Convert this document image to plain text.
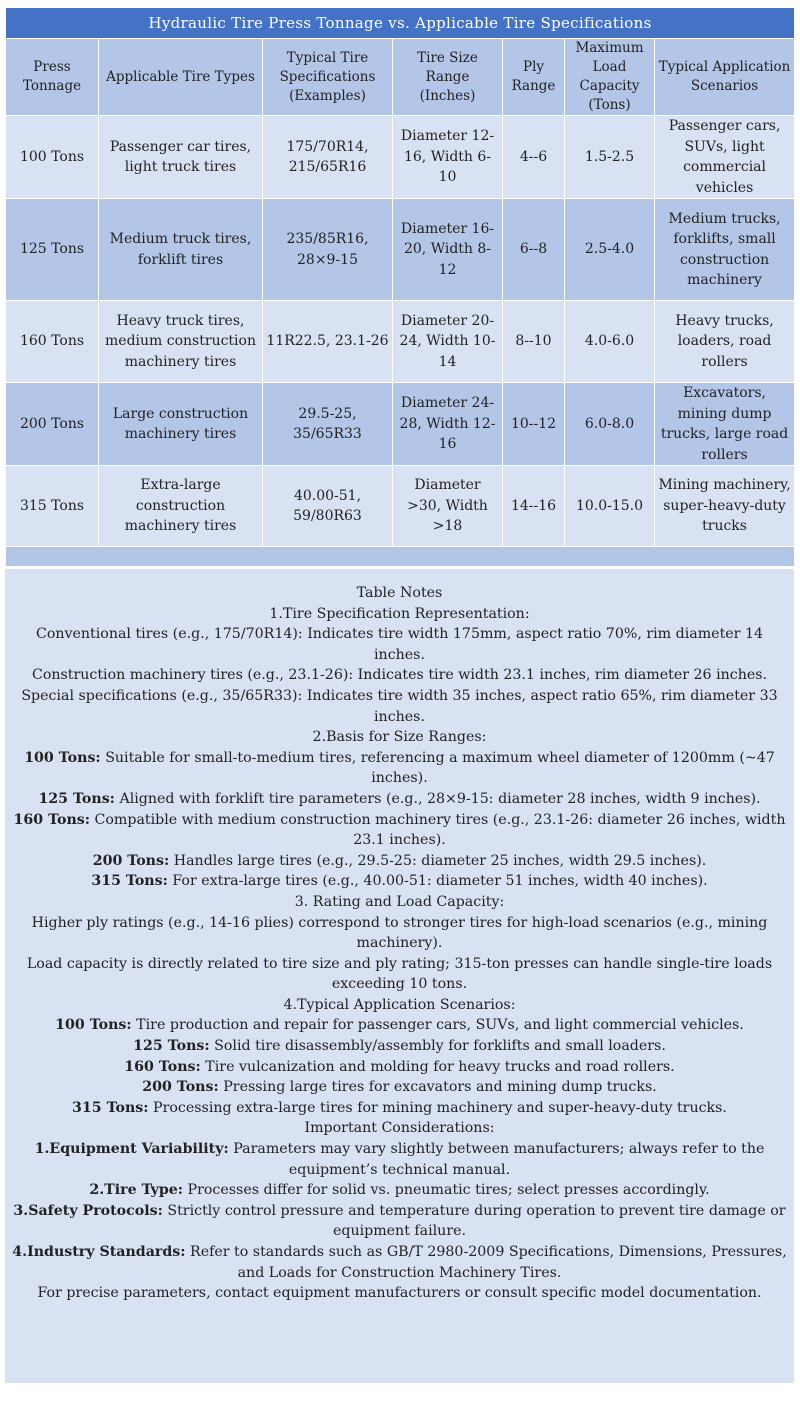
Hydraulic Tire Press Tonnage vs. Applicable Tire Specifications						
Press Tonnage	Applicable Tire Types	Typical Tire Specifications (Examples)	Tire Size Range (Inches)	Ply Range	Maximum Load Capacity (Tons)	Typical Application Scenarios
100 Tons	Passenger car tires, light truck tires	175/70R14, 215/65R16	Diameter 12-16, Width 6-10	4--6	1.5-2.5	Passenger cars, SUVs, light commercial vehicles
125 Tons	Medium truck tires, forklift tires	235/85R16, 28×9-15	Diameter 16-20, Width 8-12	6--8	2.5-4.0	Medium trucks, forklifts, small construction machinery
160 Tons	Heavy truck tires, medium construction machinery tires	11R22.5, 23.1-26	Diameter 20-24, Width 10-14	8--10	4.0-6.0	Heavy trucks, loaders, road rollers
200 Tons	Large construction machinery tires	29.5-25, 35/65R33	Diameter 24-28, Width 12-16	10--12	6.0-8.0	Excavators, mining dump trucks, large road rollers
315 Tons	Extra-large construction machinery tires	40.00-51, 59/80R63	Diameter >30, Width >18	14--16	10.0-15.0	Mining machinery, super-heavy-duty trucks

Table Notes

1.Tire Specification Representation:

Conventional tires (e.g., 175/70R14): Indicates tire width 175mm, aspect ratio 70%, rim diameter 14 inches.

Construction machinery tires (e.g., 23.1-26): Indicates tire width 23.1 inches, rim diameter 26 inches.

Special specifications (e.g., 35/65R33): Indicates tire width 35 inches, aspect ratio 65%, rim diameter 33 inches.

2.Basis for Size Ranges:

100 Tons: Suitable for small-to-medium tires, referencing a maximum wheel diameter of 1200mm (~47 inches).

125 Tons: Aligned with forklift tire parameters (e.g., 28×9-15: diameter 28 inches, width 9 inches).

160 Tons: Compatible with medium construction machinery tires (e.g., 23.1-26: diameter 26 inches, width 23.1 inches).

200 Tons: Handles large tires (e.g., 29.5-25: diameter 25 inches, width 29.5 inches).

315 Tons: For extra-large tires (e.g., 40.00-51: diameter 51 inches, width 40 inches).

3. Rating and Load Capacity:

Higher ply ratings (e.g., 14-16 plies) correspond to stronger tires for high-load scenarios (e.g., mining machinery).

Load capacity is directly related to tire size and ply rating; 315-ton presses can handle single-tire loads exceeding 10 tons.

4.Typical Application Scenarios:

100 Tons: Tire production and repair for passenger cars, SUVs, and light commercial vehicles.

125 Tons: Solid tire disassembly/assembly for forklifts and small loaders.

160 Tons: Tire vulcanization and molding for heavy trucks and road rollers.

200 Tons: Pressing large tires for excavators and mining dump trucks.

315 Tons: Processing extra-large tires for mining machinery and super-heavy-duty trucks.

Important Considerations:

1.Equipment Variability: Parameters may vary slightly between manufacturers; always refer to the equipment’s technical manual.

2.Tire Type: Processes differ for solid vs. pneumatic tires; select presses accordingly.

3.Safety Protocols: Strictly control pressure and temperature during operation to prevent tire damage or equipment failure.

4.Industry Standards: Refer to standards such as GB/T 2980-2009 Specifications, Dimensions, Pressures, and Loads for Construction Machinery Tires.

For precise parameters, contact equipment manufacturers or consult specific model documentation.
